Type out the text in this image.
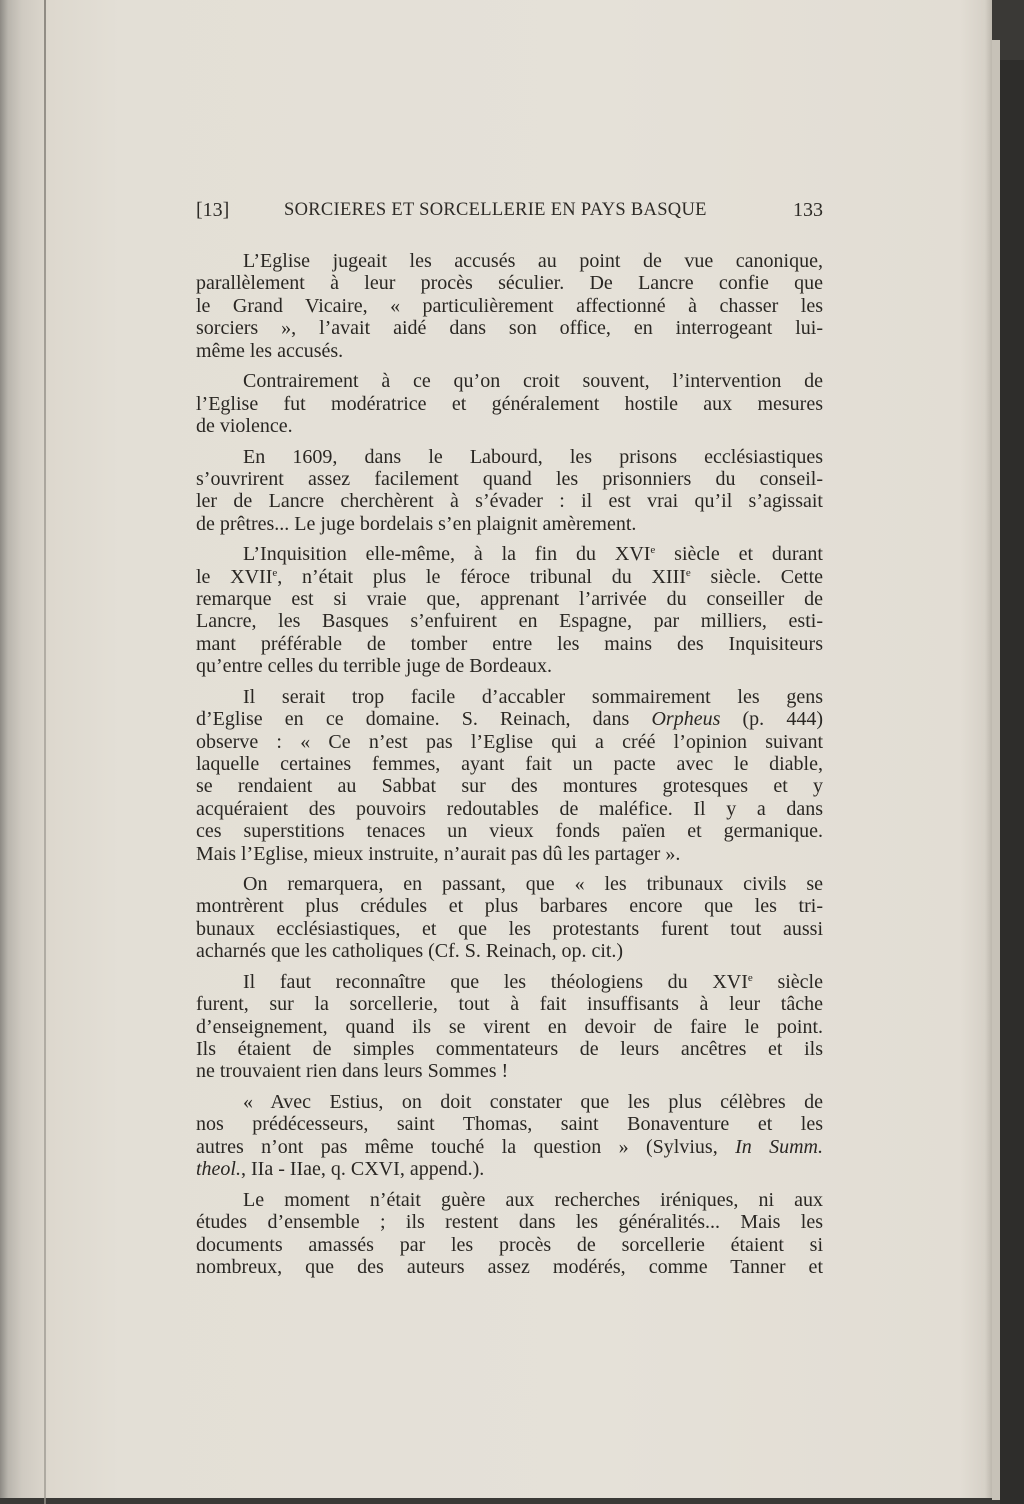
[13]	SORCIERES ET SORCELLERIE EN PAYS BASQUE	133
L’Eglise jugeait les accusés au point de vue canonique,
parallèlement à leur procès séculier. De Lancre confie que
le Grand Vicaire, « particulièrement affectionné à chasser les
sorciers », l’avait aidé dans son office, en interrogeant lui-
même les accusés.
Contrairement à ce qu’on croit souvent, l’intervention de
l’Eglise fut modératrice et généralement hostile aux mesures
de violence.
En 1609, dans le Labourd, les prisons ecclésiastiques
s’ouvrirent assez facilement quand les prisonniers du conseil-
ler de Lancre cherchèrent à s’évader : il est vrai qu’il s’agissait
de prêtres... Le juge bordelais s’en plaignit amèrement.
L’Inquisition elle-même, à la fin du XVIe siècle et durant
le XVIIe, n’était plus le féroce tribunal du XIIIe siècle. Cette
remarque est si vraie que, apprenant l’arrivée du conseiller de
Lancre, les Basques s’enfuirent en Espagne, par milliers, esti-
mant préférable de tomber entre les mains des Inquisiteurs
qu’entre celles du terrible juge de Bordeaux.
Il serait trop facile d’accabler sommairement les gens
d’Eglise en ce domaine. S. Reinach, dans Orpheus (p. 444)
observe : « Ce n’est pas l’Eglise qui a créé l’opinion suivant
laquelle certaines femmes, ayant fait un pacte avec le diable,
se rendaient au Sabbat sur des montures grotesques et y
acquéraient des pouvoirs redoutables de maléfice. Il y a dans
ces superstitions tenaces un vieux fonds païen et germanique.
Mais l’Eglise, mieux instruite, n’aurait pas dû les partager ».
On remarquera, en passant, que « les tribunaux civils se
montrèrent plus crédules et plus barbares encore que les tri-
bunaux ecclésiastiques, et que les protestants furent tout aussi
acharnés que les catholiques (Cf. S. Reinach, op. cit.)
Il faut reconnaître que les théologiens du XVIe siècle
furent, sur la sorcellerie, tout à fait insuffisants à leur tâche
d’enseignement, quand ils se virent en devoir de faire le point.
Ils étaient de simples commentateurs de leurs ancêtres et ils
ne trouvaient rien dans leurs Sommes !
« Avec Estius, on doit constater que les plus célèbres de
nos prédécesseurs, saint Thomas, saint Bonaventure et les
autres n’ont pas même touché la question » (Sylvius, In Summ.
theol., IIa - IIae, q. CXVI, append.).
Le moment n’était guère aux recherches iréniques, ni aux
études d’ensemble ; ils restent dans les généralités... Mais les
documents amassés par les procès de sorcellerie étaient si
nombreux, que des auteurs assez modérés, comme Tanner et
